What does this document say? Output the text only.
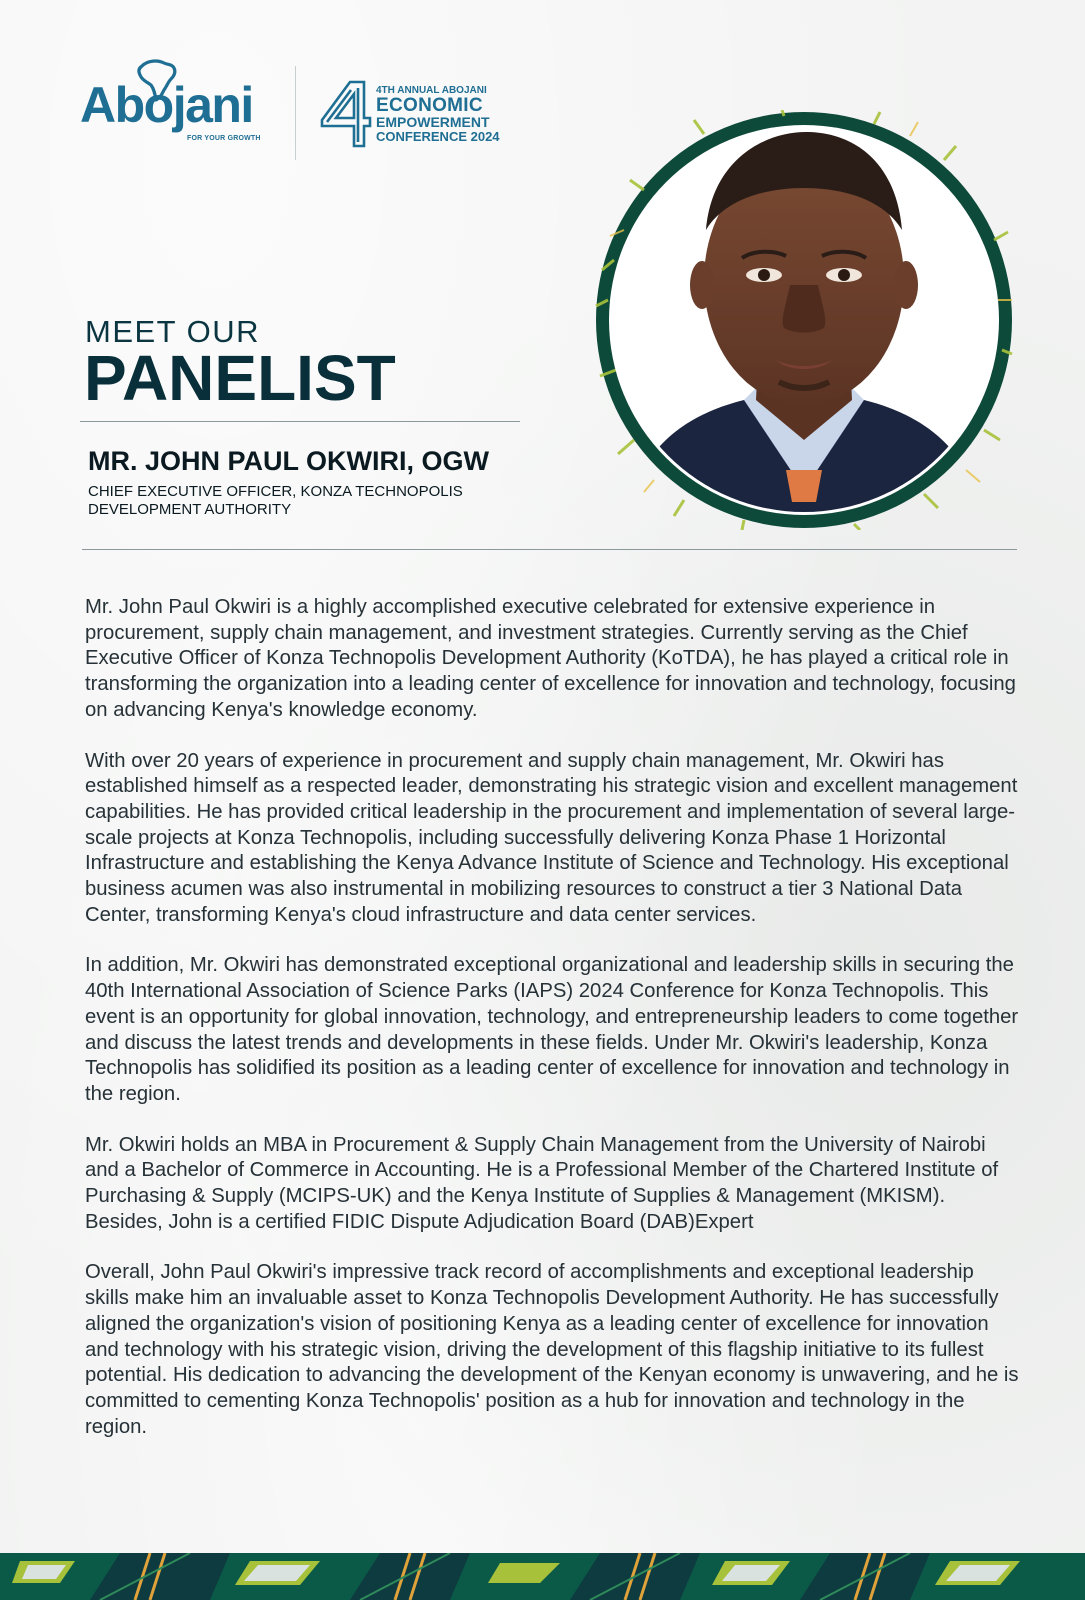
Abojani
FOR YOUR GROWTH
4TH ANNUAL ABOJANI
ECONOMIC
EMPOWERMENT
CONFERENCE 2024
MEET OUR
PANELIST
MR. JOHN PAUL OKWIRI, OGW
CHIEF EXECUTIVE OFFICER, KONZA TECHNOPOLIS DEVELOPMENT AUTHORITY

Mr. John Paul Okwiri is a highly accomplished executive celebrated for extensive experience in procurement, supply chain management, and investment strategies. Currently serving as the Chief Executive Officer of Konza Technopolis Development Authority (KoTDA), he has played a critical role in transforming the organization into a leading center of excellence for innovation and technology, focusing on advancing Kenya's knowledge economy.

With over 20 years of experience in procurement and supply chain management, Mr. Okwiri has established himself as a respected leader, demonstrating his strategic vision and excellent management capabilities. He has provided critical leadership in the procurement and implementation of several large-scale projects at Konza Technopolis, including successfully delivering Konza Phase 1 Horizontal Infrastructure and establishing the Kenya Advance Institute of Science and Technology. His exceptional business acumen was also instrumental in mobilizing resources to construct a tier 3 National Data Center, transforming Kenya's cloud infrastructure and data center services.

In addition, Mr. Okwiri has demonstrated exceptional organizational and leadership skills in securing the 40th International Association of Science Parks (IAPS) 2024 Conference for Konza Technopolis. This event is an opportunity for global innovation, technology, and entrepreneurship leaders to come together and discuss the latest trends and developments in these fields. Under Mr. Okwiri's leadership, Konza Technopolis has solidified its position as a leading center of excellence for innovation and technology in the region.

Mr. Okwiri holds an MBA in Procurement & Supply Chain Management from the University of Nairobi and a Bachelor of Commerce in Accounting. He is a Professional Member of the Chartered Institute of Purchasing & Supply (MCIPS-UK) and the Kenya Institute of Supplies & Management (MKISM). Besides, John is a certified FIDIC Dispute Adjudication Board (DAB)Expert

Overall, John Paul Okwiri's impressive track record of accomplishments and exceptional leadership skills make him an invaluable asset to Konza Technopolis Development Authority. He has successfully aligned the organization's vision of positioning Kenya as a leading center of excellence for innovation and technology with his strategic vision, driving the development of this flagship initiative to its fullest potential. His dedication to advancing the development of the Kenyan economy is unwavering, and he is committed to cementing Konza Technopolis' position as a hub for innovation and technology in the region.
